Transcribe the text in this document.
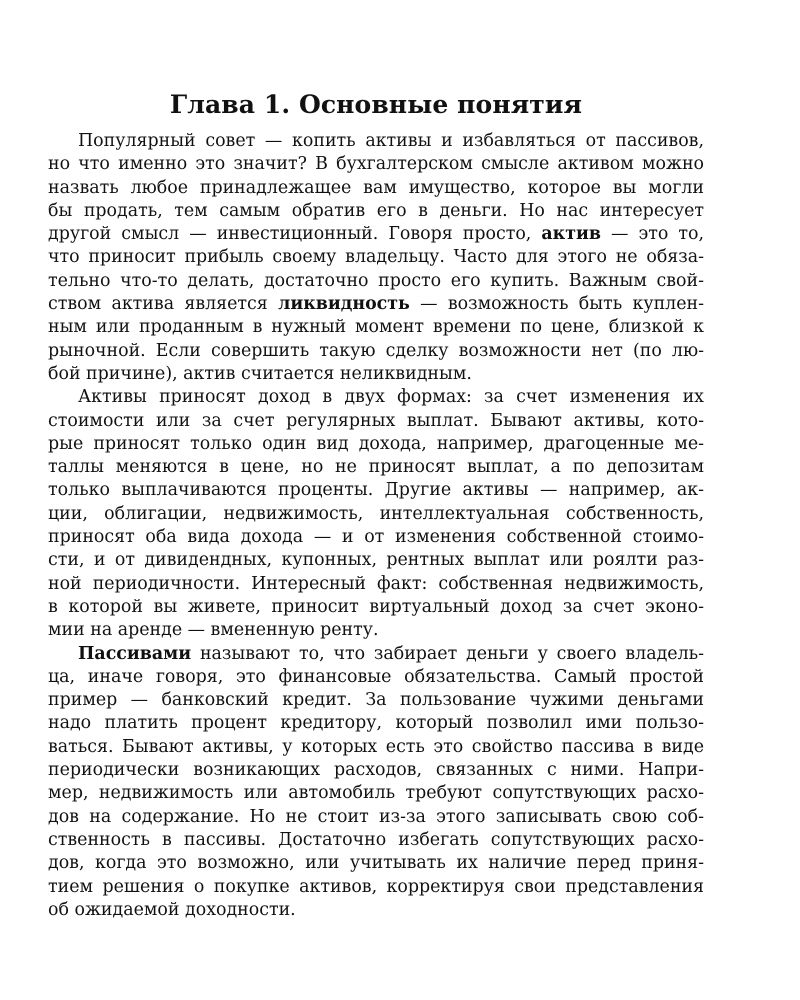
Глава 1. Основные понятия
Популярный совет — копить активы и избавляться от пассивов,
но что именно это значит? В бухгалтерском смысле активом можно
назвать любое принадлежащее вам имущество, которое вы могли
бы продать, тем самым обратив его в деньги. Но нас интересует
другой смысл — инвестиционный. Говоря просто, актив — это то,
что приносит прибыль своему владельцу. Часто для этого не обяза-
тельно что-то делать, достаточно просто его купить. Важным свой-
ством актива является ликвидность — возможность быть куплен-
ным или проданным в нужный момент времени по цене, близкой к
рыночной. Если совершить такую сделку возможности нет (по лю-
бой причине), актив считается неликвидным.
Активы приносят доход в двух формах: за счет изменения их
стоимости или за счет регулярных выплат. Бывают активы, кото-
рые приносят только один вид дохода, например, драгоценные ме-
таллы меняются в цене, но не приносят выплат, а по депозитам
только выплачиваются проценты. Другие активы — например, ак-
ции, облигации, недвижимость, интеллектуальная собственность,
приносят оба вида дохода — и от изменения собственной стоимо-
сти, и от дивидендных, купонных, рентных выплат или роялти раз-
ной периодичности. Интересный факт: собственная недвижимость,
в которой вы живете, приносит виртуальный доход за счет эконо-
мии на аренде — вмененную ренту.
Пассивами называют то, что забирает деньги у своего владель-
ца, иначе говоря, это финансовые обязательства. Самый простой
пример — банковский кредит. За пользование чужими деньгами
надо платить процент кредитору, который позволил ими пользо-
ваться. Бывают активы, у которых есть это свойство пассива в виде
периодически возникающих расходов, связанных с ними. Напри-
мер, недвижимость или автомобиль требуют сопутствующих расхо-
дов на содержание. Но не стоит из-за этого записывать свою соб-
ственность в пассивы. Достаточно избегать сопутствующих расхо-
дов, когда это возможно, или учитывать их наличие перед приня-
тием решения о покупке активов, корректируя свои представления
об ожидаемой доходности.
